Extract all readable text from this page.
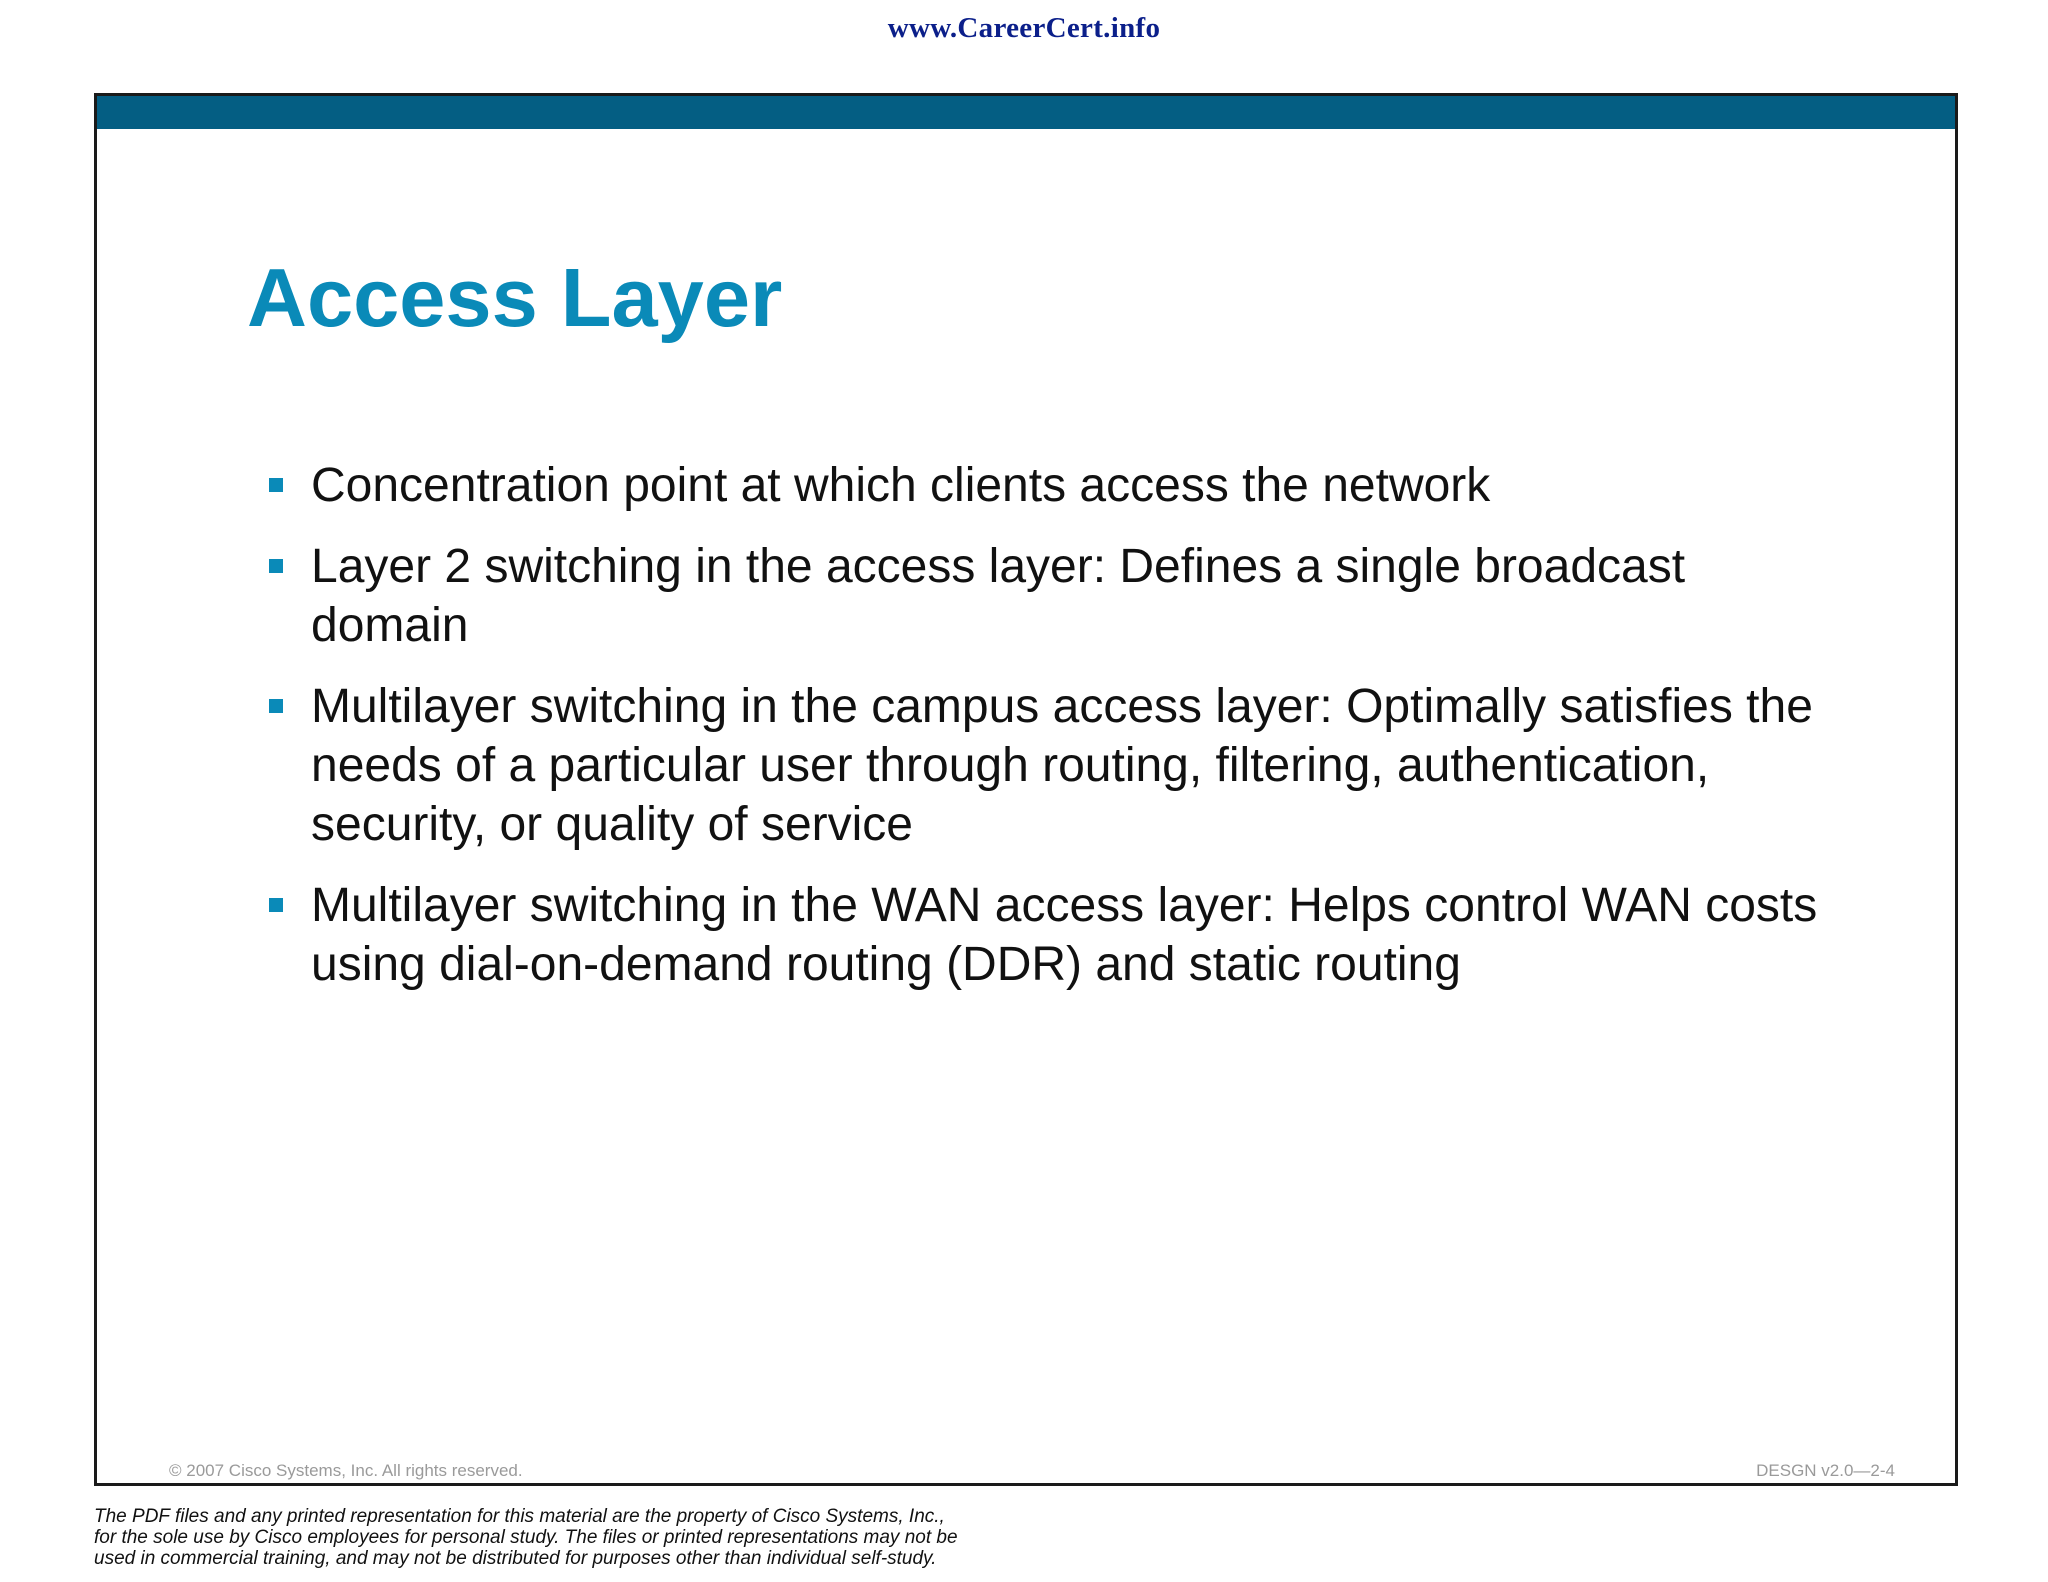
www.CareerCert.info
Access Layer
Concentration point at which clients access the network
Layer 2 switching in the access layer: Defines a single broadcast domain
Multilayer switching in the campus access layer: Optimally satisfies the needs of a particular user through routing, filtering, authentication, security, or quality of service
Multilayer switching in the WAN access layer: Helps control WAN costs using dial-on-demand routing (DDR) and static routing
© 2007 Cisco Systems, Inc. All rights reserved.	DESGN v2.0—2-4
The PDF files and any printed representation for this material are the property of Cisco Systems, Inc.,
for the sole use by Cisco employees for personal study. The files or printed representations may not be
used in commercial training, and may not be distributed for purposes other than individual self-study.
